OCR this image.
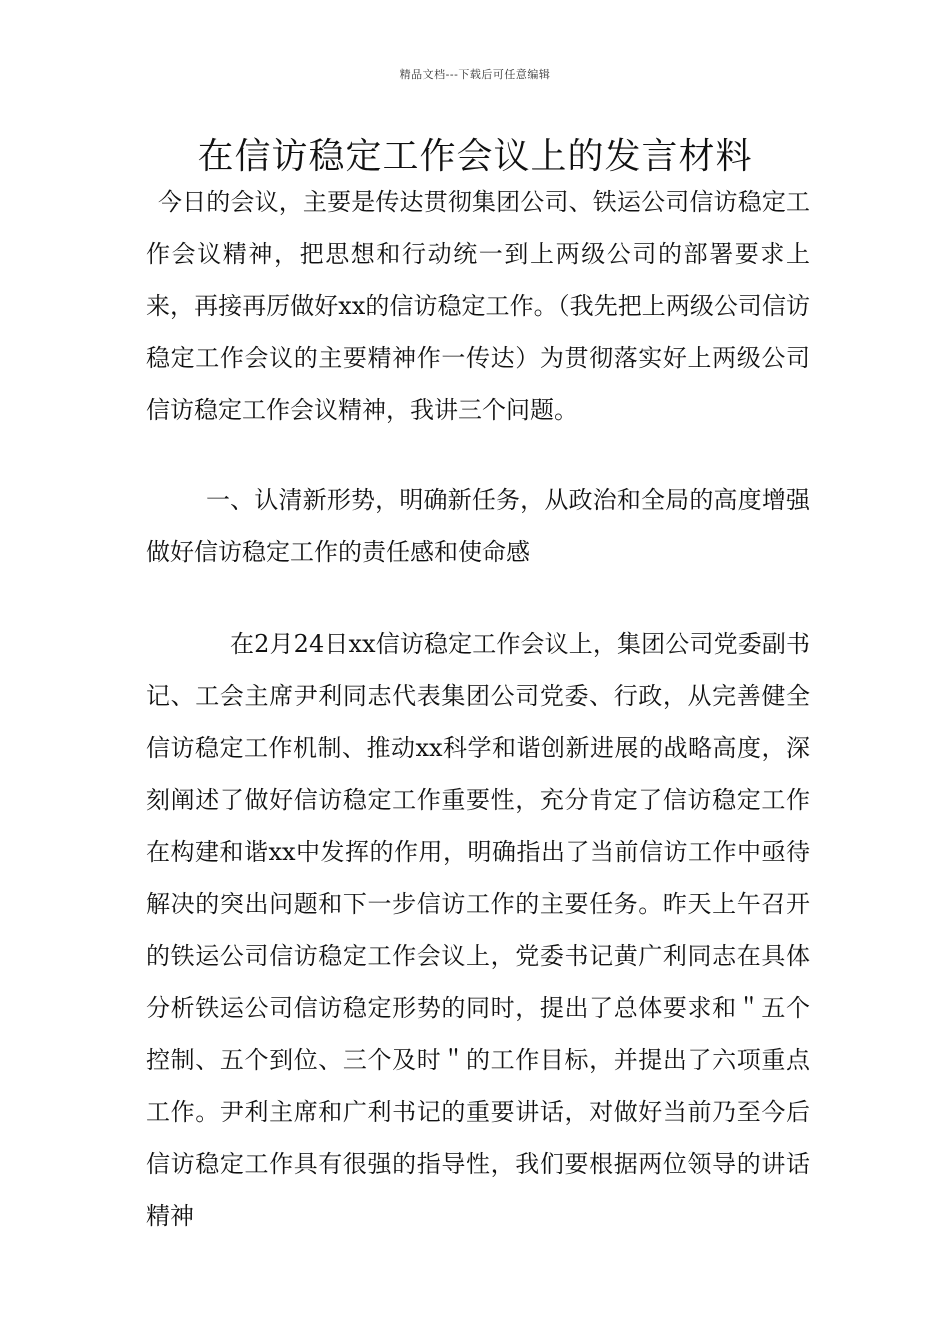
精品文档---下载后可任意编辑
在信访稳定工作会议上的发言材料

今日的会议，主要是传达贯彻集团公司、铁运公司信访稳定工作会议精神，把思想和行动统一到上两级公司的部署要求上来，再接再厉做好xx的信访稳定工作。（我先把上两级公司信访稳定工作会议的主要精神作一传达）为贯彻落实好上两级公司信访稳定工作会议精神，我讲三个问题。

一、认清新形势，明确新任务，从政治和全局的高度增强做好信访稳定工作的责任感和使命感

在2月24日xx信访稳定工作会议上，集团公司党委副书记、工会主席尹利同志代表集团公司党委、行政，从完善健全信访稳定工作机制、推动xx科学和谐创新进展的战略高度，深刻阐述了做好信访稳定工作重要性，充分肯定了信访稳定工作在构建和谐xx中发挥的作用，明确指出了当前信访工作中亟待解决的突出问题和下一步信访工作的主要任务。昨天上午召开的铁运公司信访稳定工作会议上，党委书记黄广利同志在具体分析铁运公司信访稳定形势的同时，提出了总体要求和＂五个控制、五个到位、三个及时＂的工作目标，并提出了六项重点工作。尹利主席和广利书记的重要讲话，对做好当前乃至今后信访稳定工作具有很强的指导性，我们要根据两位领导的讲话精神
